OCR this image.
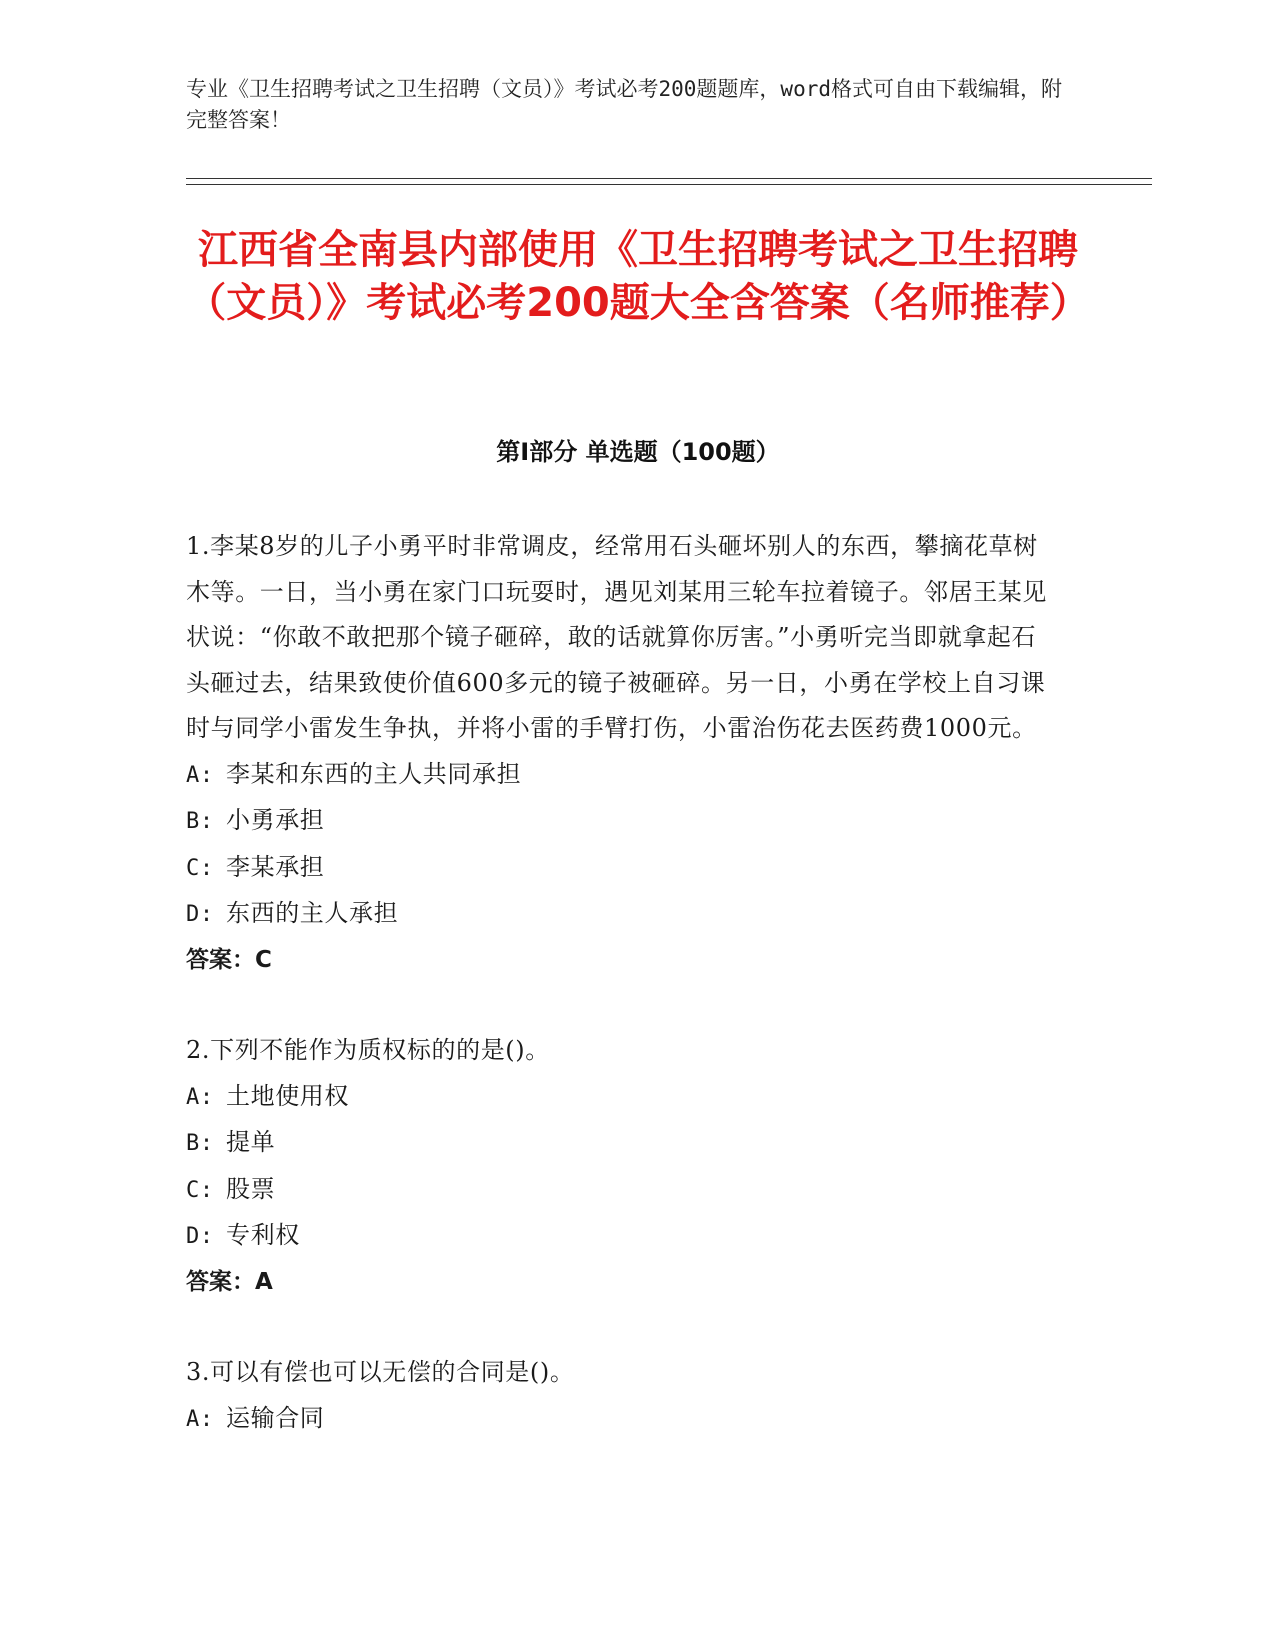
专业《卫生招聘考试之卫生招聘（文员）》考试必考200题题库，word格式可自由下载编辑，附完整答案！
江西省全南县内部使用《卫生招聘考试之卫生招聘（文员）》考试必考200题大全含答案（名师推荐）
第Ⅰ部分 单选题（100题）
1.李某8岁的儿子小勇平时非常调皮，经常用石头砸坏别人的东西，攀摘花草树木等。一日，当小勇在家门口玩耍时，遇见刘某用三轮车拉着镜子。邻居王某见状说：“你敢不敢把那个镜子砸碎，敢的话就算你厉害。”小勇听完当即就拿起石头砸过去，结果致使价值600多元的镜子被砸碎。另一日，小勇在学校上自习课时与同学小雷发生争执，并将小雷的手臂打伤，小雷治伤花去医药费1000元。
A: 李某和东西的主人共同承担
B: 小勇承担
C: 李某承担
D: 东西的主人承担
答案：C
2.下列不能作为质权标的的是()。
A: 土地使用权
B: 提单
C: 股票
D: 专利权
答案：A
3.可以有偿也可以无偿的合同是()。
A: 运输合同
